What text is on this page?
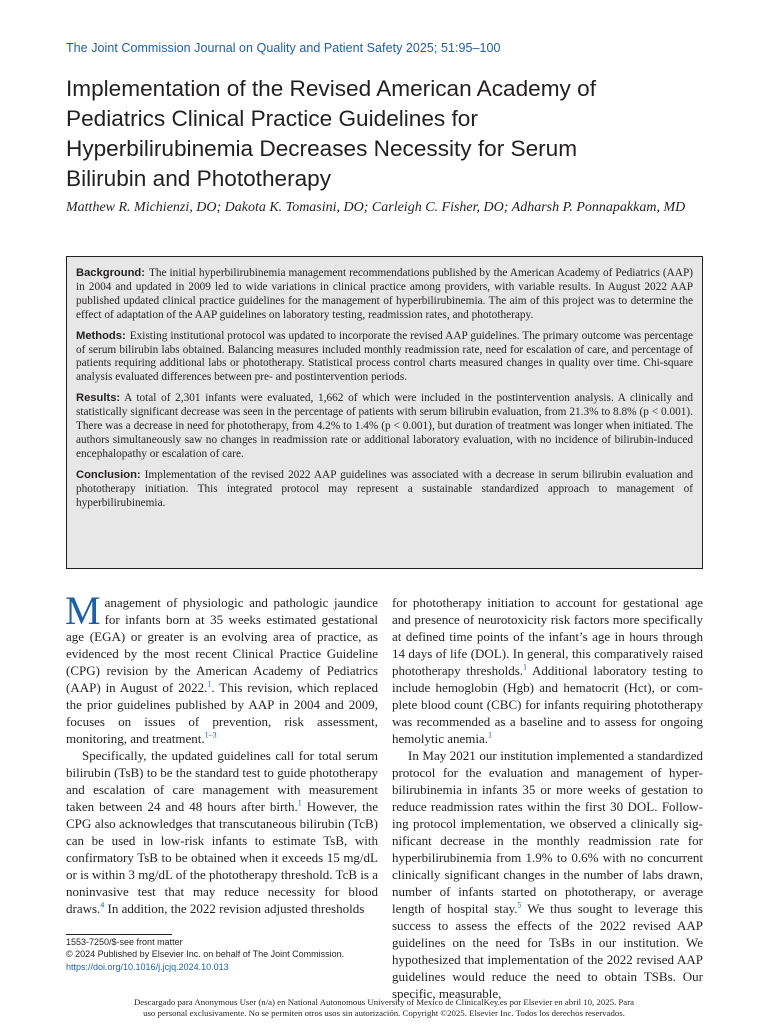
The Joint Commission Journal on Quality and Patient Safety 2025; 51:95–100
Implementation of the Revised American Academy of
Pediatrics Clinical Practice Guidelines for
Hyperbilirubinemia Decreases Necessity for Serum
Bilirubin and Phototherapy
Matthew R. Michienzi, DO; Dakota K. Tomasini, DO; Carleigh C. Fisher, DO; Adharsh P. Ponnapakkam, MD

Background: The initial hyperbilirubinemia management recommendations published by the American Academy of Pediatrics (AAP) in 2004 and updated in 2009 led to wide variations in clinical practice among providers, with variable results. In August 2022 AAP published updated clinical practice guidelines for the management of hyperbilirubinemia. The aim of this project was to determine the effect of adaptation of the AAP guidelines on laboratory testing, readmission rates, and phototherapy.

Methods: Existing institutional protocol was updated to incorporate the revised AAP guidelines. The primary outcome was percentage of serum bilirubin labs obtained. Balancing measures included monthly readmission rate, need for escalation of care, and percentage of patients requiring additional labs or phototherapy. Statistical process control charts measured changes in quality over time. Chi-square analysis evaluated differences between pre- and postintervention periods.

Results: A total of 2,301 infants were evaluated, 1,662 of which were included in the postintervention analysis. A clinically and statistically significant decrease was seen in the percentage of patients with serum bilirubin evaluation, from 21.3% to 8.8% (p < 0.001). There was a decrease in need for phototherapy, from 4.2% to 1.4% (p < 0.001), but duration of treatment was longer when initiated. The authors simultaneously saw no changes in readmission rate or additional laboratory evaluation, with no incidence of bilirubin-induced encephalopathy or escalation of care.

Conclusion: Implementation of the revised 2022 AAP guidelines was associated with a decrease in serum bilirubin evaluation and phototherapy initiation. This integrated protocol may represent a sustainable standardized approach to management of hyperbilirubinemia.

Management of physiologic and pathologic jaundice for infants born at 35 weeks estimated gestational age (EGA) or greater is an evolving area of practice, as evidenced by the most recent Clinical Practice Guideline (CPG) revision by the American Academy of Pediatrics (AAP) in August of 2022.$^1$. This revision, which replaced the prior guidelines published by AAP in 2004 and 2009, focuses on issues of prevention, risk assessment, monitoring, and treatment.$^{1-3}$

Specifically, the updated guidelines call for total serum bilirubin (TsB) to be the standard test to guide phototherapy and escalation of care management with measurement taken between 24 and 48 hours after birth.$^1$ However, the CPG also acknowledges that transcutaneous bilirubin (TcB) can be used in low-risk infants to estimate TsB, with confirmatory TsB to be obtained when it exceeds 15 mg/dL or is within 3 mg/dL of the phototherapy threshold. TcB is a noninvasive test that may reduce necessity for blood draws.$^4$ In addition, the 2022 revision adjusted thresholds

for phototherapy initiation to account for gestational age and presence of neurotoxicity risk factors more specifically at defined time points of the infant’s age in hours through 14 days of life (DOL). In general, this comparatively raised phototherapy thresholds.$^1$ Additional laboratory testing to include hemoglobin (Hgb) and hematocrit (Hct), or complete blood count (CBC) for infants requiring phototherapy was recommended as a baseline and to assess for ongoing hemolytic anemia.$^1$

In May 2021 our institution implemented a standardized protocol for the evaluation and management of hyperbilirubinemia in infants 35 or more weeks of gestation to reduce readmission rates within the first 30 DOL. Following protocol implementation, we observed a clinically significant decrease in the monthly readmission rate for hyperbilirubinemia from 1.9% to 0.6% with no concurrent clinically significant changes in the number of labs drawn, number of infants started on phototherapy, or average length of hospital stay.$^5$ We thus sought to leverage this success to assess the effects of the 2022 revised AAP guidelines on the need for TsBs in our institution. We hypothesized that implementation of the 2022 revised AAP guidelines would reduce the need to obtain TSBs. Our specific, measurable,

1553-7250/$-see front matter
© 2024 Published by Elsevier Inc. on behalf of The Joint Commission.
https://doi.org/10.1016/j.jcjq.2024.10.013
Descargado para Anonymous User (n/a) en National Autonomous University of Mexico de ClinicalKey.es por Elsevier en abril 10, 2025. Para
uso personal exclusivamente. No se permiten otros usos sin autorización. Copyright ©2025. Elsevier Inc. Todos los derechos reservados.
